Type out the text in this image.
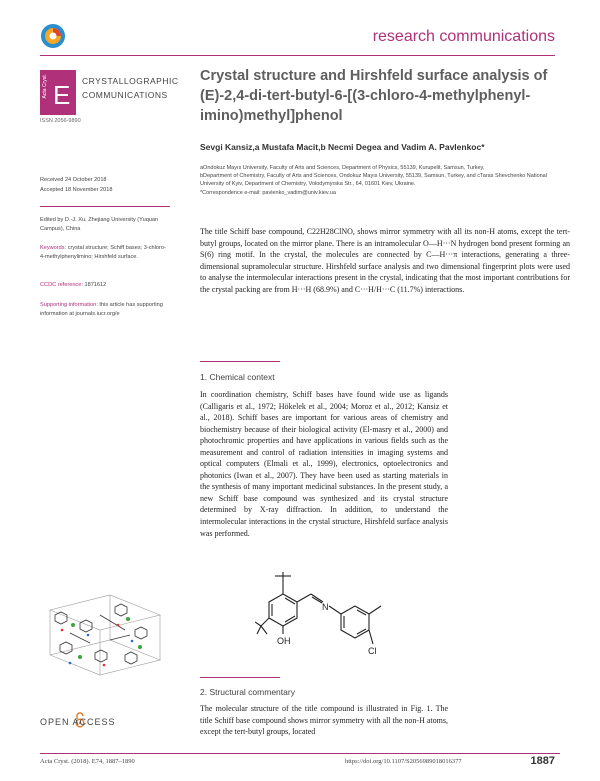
research communications
Acta Cryst. E CRYSTALLOGRAPHIC
COMMUNICATIONS
ISSN 2056-9890
Received 24 October 2018
Accepted 18 November 2018
Edited by D.-J. Xu, Zhejiang University (Yuquan Campus), China
Keywords: crystal structure; Schiff bases; 3-chloro-4-methylphenylimino; Hirshfeld surface.
CCDC reference: 1871612
Supporting information: this article has supporting information at journals.iucr.org/e
Crystal structure and Hirshfeld surface analysis of (E)-2,4-di-tert-butyl-6-[(3-chloro-4-methylphenyl-imino)methyl]phenol
Sevgi Kansiz,a Mustafa Macit,b Necmi Degea and Vadim A. Pavlenkoc*
aOndokuz Mayıs University, Faculty of Arts and Sciences, Department of Physics, 55139, Kurupelit, Samsun, Turkey,
bDepartment of Chemistry, Faculty of Arts and Sciences, Ondokuz Mayıs University, 55139, Samsun, Turkey, and cTaras Shevchenko National University of Kyiv, Department of Chemistry, Volodymyrska Str., 64, 01601 Kiev, Ukraine.
*Correspondence e-mail: pavlenko_vadim@univ.kiev.ua
The title Schiff base compound, C22H28ClNO, shows mirror symmetry with all its non-H atoms, except the tert-butyl groups, located on the mirror plane. There is an intramolecular O—H···N hydrogen bond present forming an S(6) ring motif. In the crystal, the molecules are connected by C—H···π interactions, generating a three-dimensional supramolecular structure. Hirshfeld surface analysis and two dimensional fingerprint plots were used to analyse the intermolecular interactions present in the crystal, indicating that the most important contributions for the crystal packing are from H···H (68.9%) and C···H/H···C (11.7%) interactions.
1. Chemical context
In coordination chemistry, Schiff bases have found wide use as ligands (Calligaris et al., 1972; Hökelek et al., 2004; Moroz et al., 2012; Kansiz et al., 2018). Schiff bases are important for various areas of chemistry and biochemistry because of their biological activity (El-masry et al., 2000) and photochromic properties and have applications in various fields such as the measurement and control of radiation intensities in imaging systems and optical computers (Elmali et al., 1999), electronics, optoelectronics and photonics (Iwan et al., 2007). They have been used as starting materials in the synthesis of many important medicinal substances. In the present study, a new Schiff base compound was synthesized and its crystal structure determined by X-ray diffraction. In addition, to understand the intermolecular interactions in the crystal structure, Hirshfeld surface analysis was performed.
OH
N
Cl
2. Structural commentary
The molecular structure of the title compound is illustrated in Fig. 1. The title Schiff base compound shows mirror symmetry with all the non-H atoms, except the tert-butyl groups, located
OPEN ACCESS
Acta Cryst. (2018). E74, 1887–1890	https://doi.org/10.1107/S2056989018016377	1887
